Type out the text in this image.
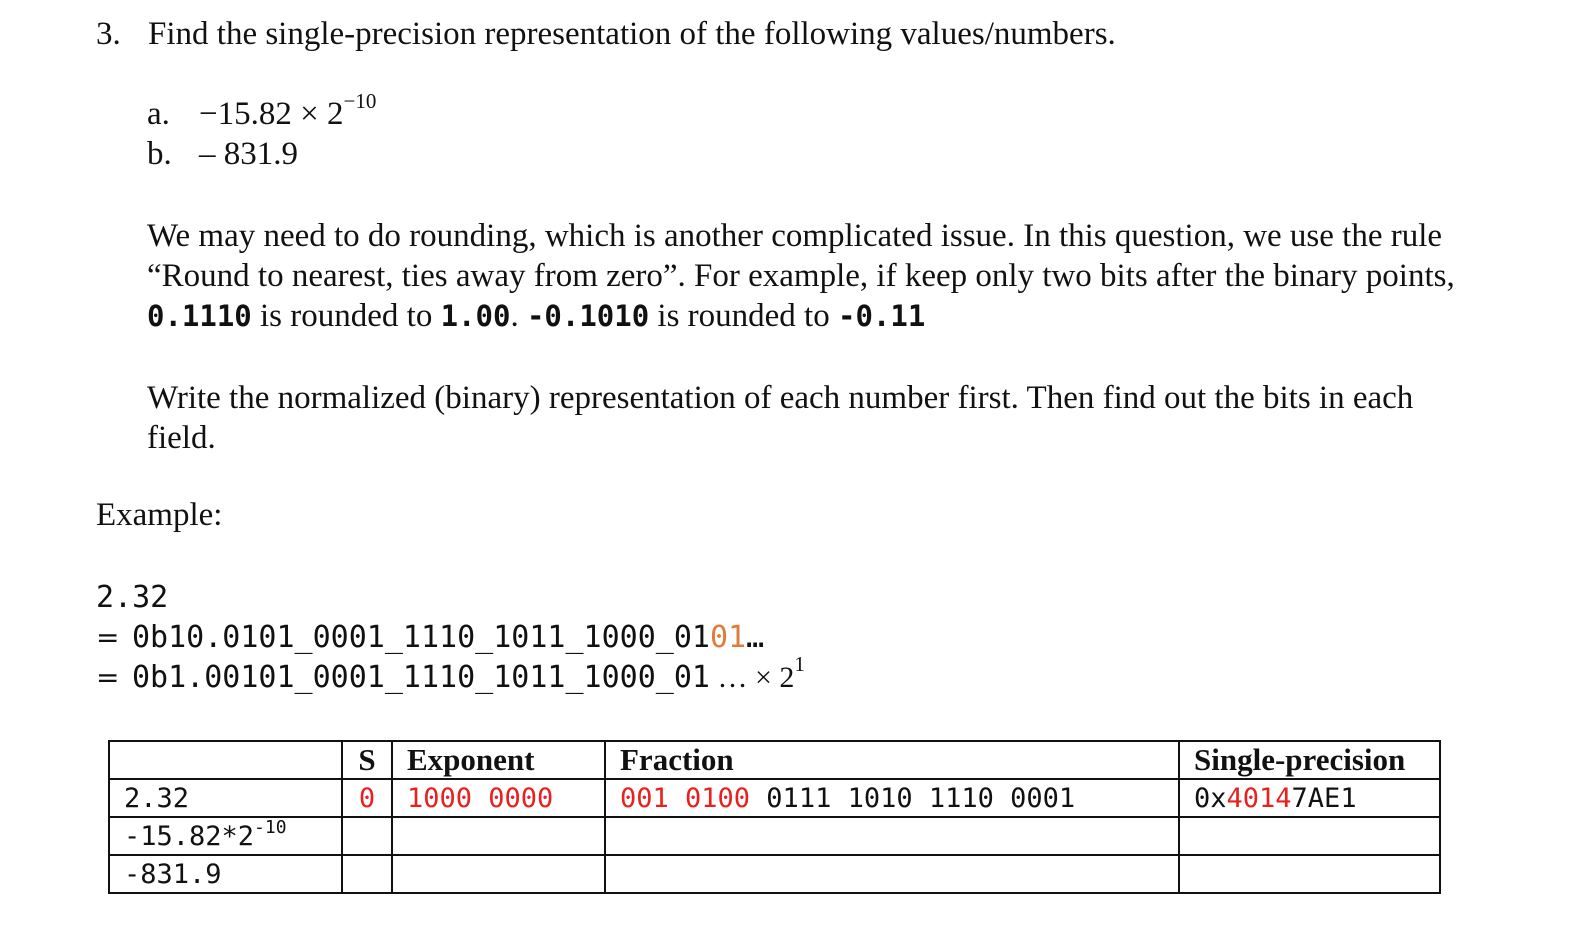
3. Find the single-precision representation of the following values/numbers.
a. $-15.82 \times 2^{-10}$
b. – 831.9
We may need to do rounding, which is another complicated issue. In this question, we use the rule “Round to nearest, ties away from zero”. For example, if keep only two bits after the binary points, 0.1110 is rounded to 1.00. -0.1010 is rounded to -0.11
Write the normalized (binary) representation of each number first. Then find out the bits in each field.
Example:
2.32
= 0b10.0101_0001_1110_1011_1000_0101…
= 0b1.00101_0001_1110_1011_1000_01 … × $2^1$
	S	Exponent	Fraction	Single-precision
2.32	0	1000 0000	001 0100 0111 1010 1110 0001	0x40147AE1
$-15.82*2^{-10}$				
-831.9				
